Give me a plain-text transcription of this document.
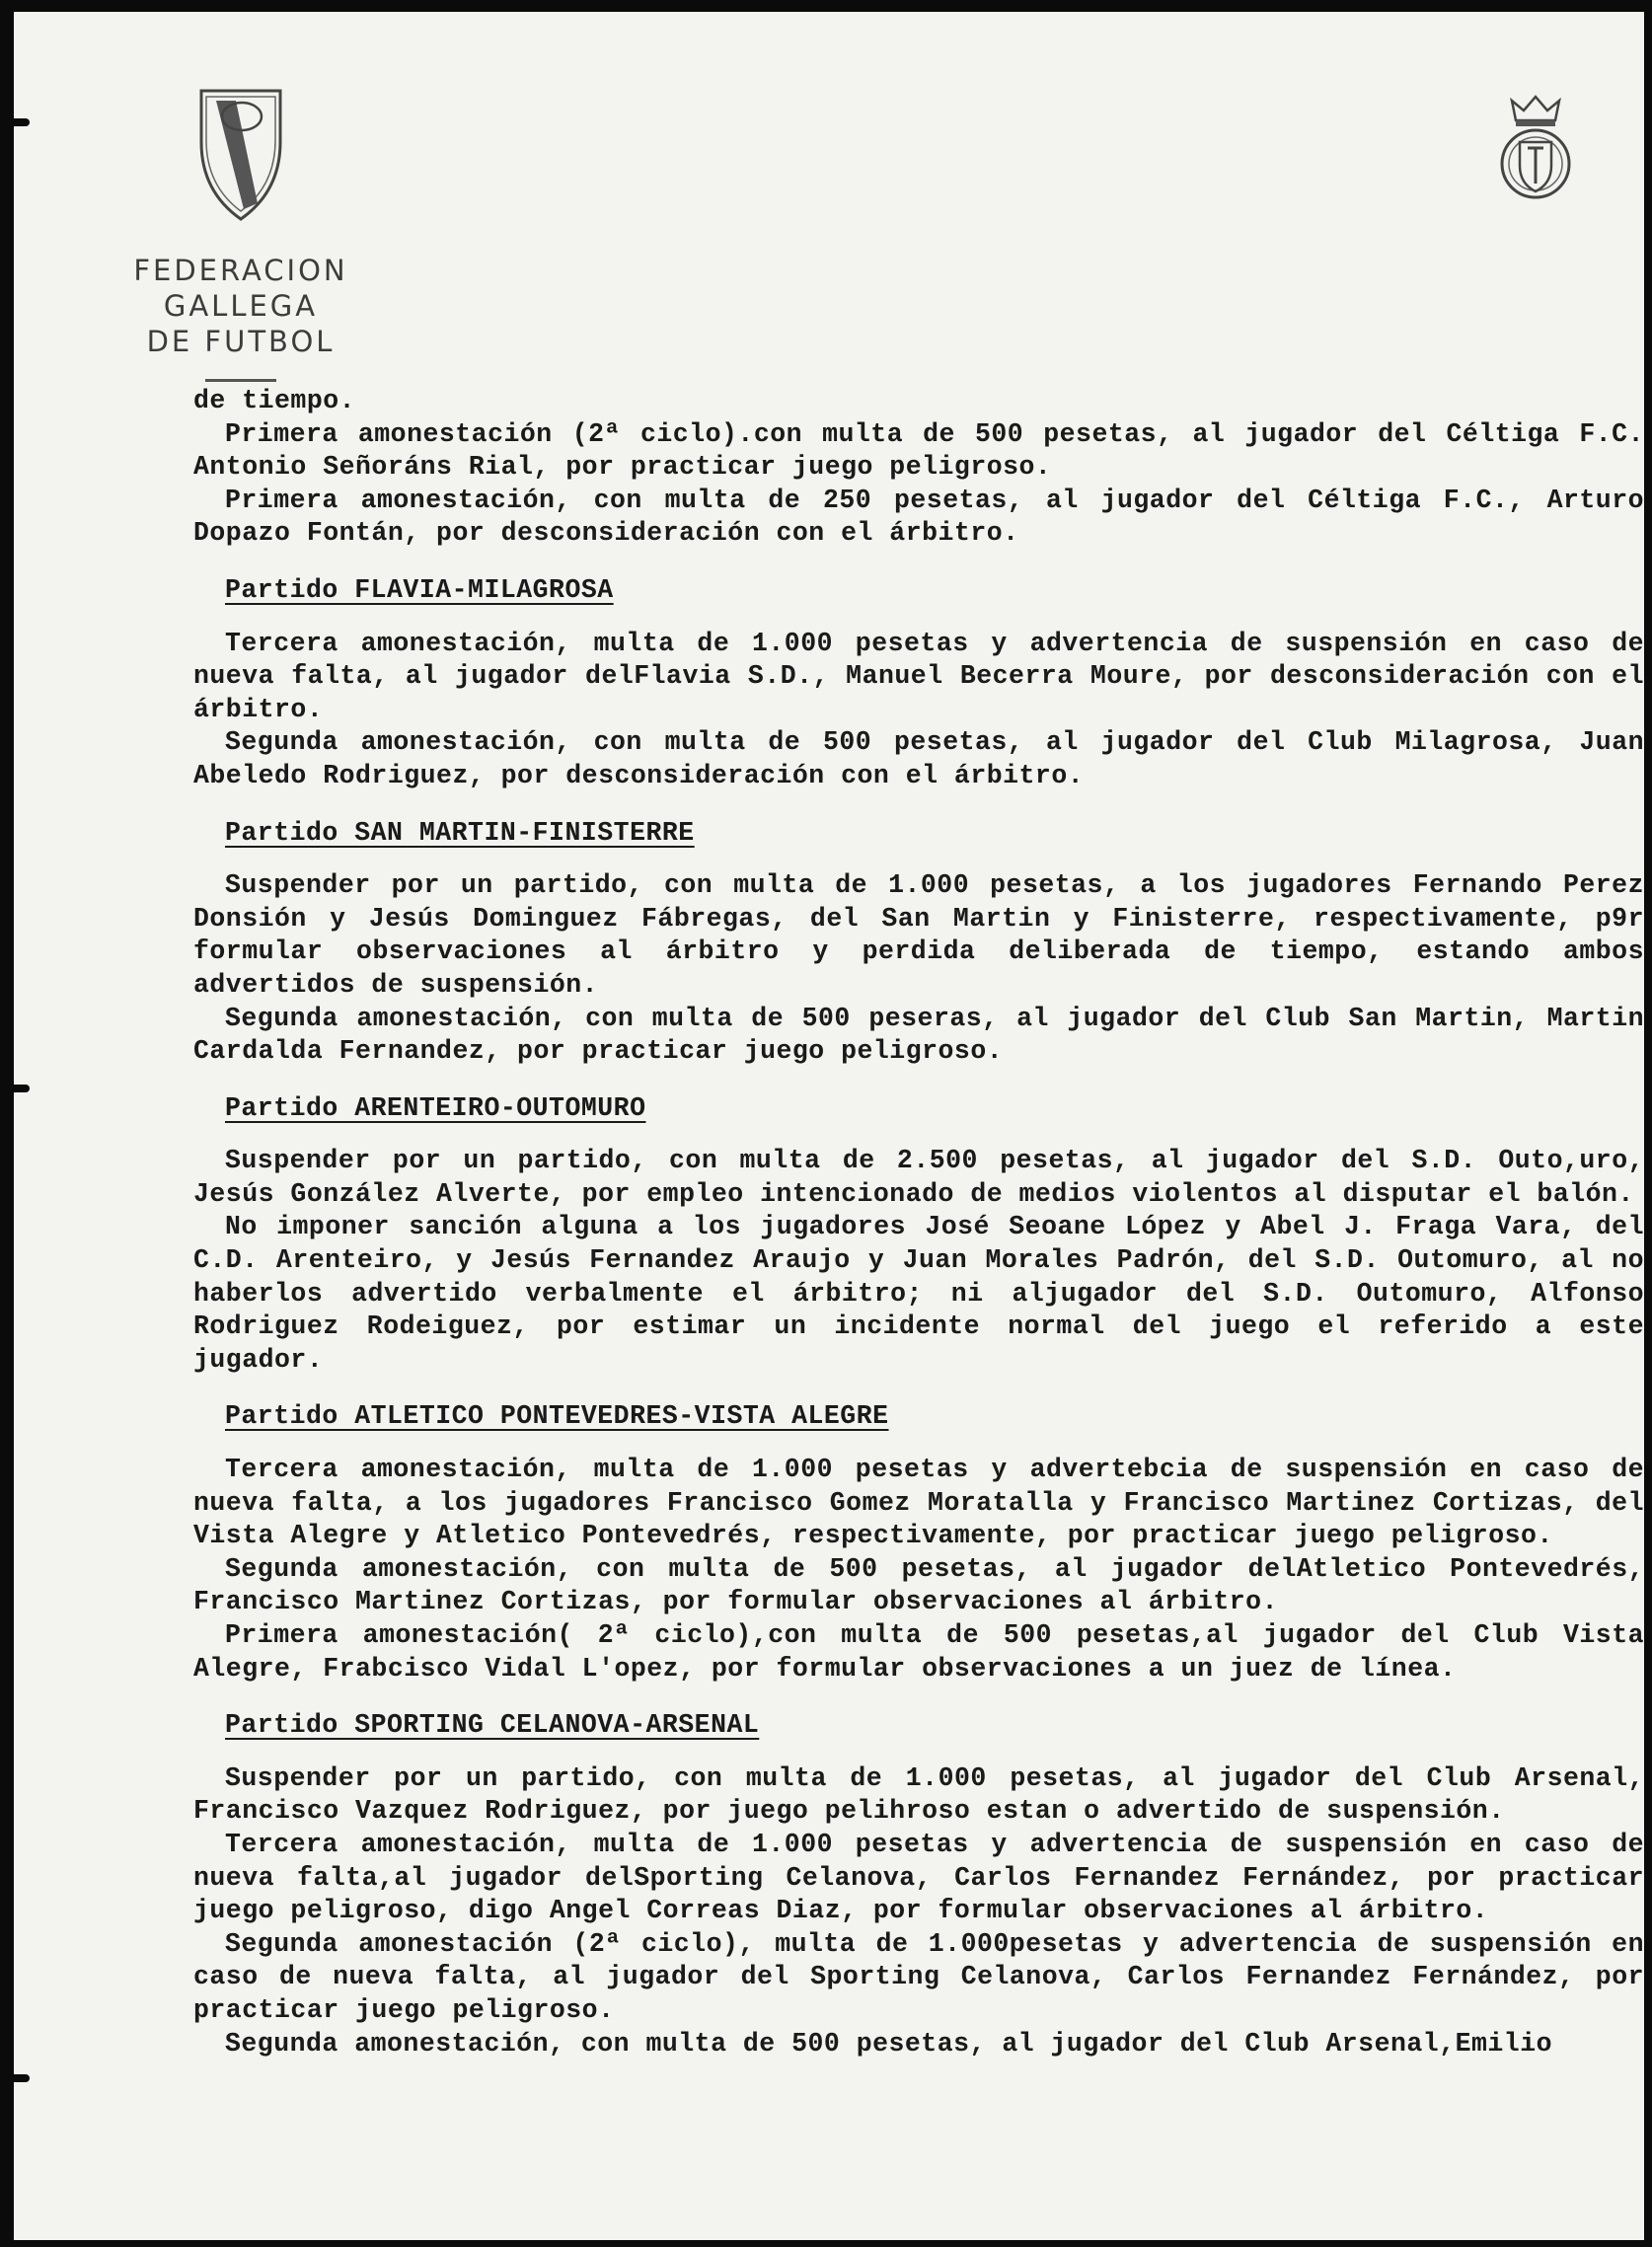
FEDERACION GALLEGA
DE FUTBOL

de tiempo.

Primera amonestación (2ª ciclo).con multa de 500 pesetas, al jugador del Céltiga F.C. Antonio Señoráns Rial, por practicar juego peligroso.

Primera amonestación, con multa de 250 pesetas, al jugador del Céltiga F.C., Arturo Dopazo Fontán, por desconsideración con el árbitro.

Partido FLAVIA-MILAGROSA

Tercera amonestación, multa de 1.000 pesetas y advertencia de suspensión en caso de nueva falta, al jugador delFlavia S.D., Manuel Becerra Moure, por desconsideración con el árbitro.

Segunda amonestación, con multa de 500 pesetas, al jugador del Club Milagrosa, Juan Abeledo Rodriguez, por desconsideración con el árbitro.

Partido SAN MARTIN-FINISTERRE

Suspender por un partido, con multa de 1.000 pesetas, a los jugadores Fernando Perez Donsión y Jesús Dominguez Fábregas, del San Martin y Finisterre, respectivamente, p9r formular observaciones al árbitro y perdida deliberada de tiempo, estando ambos advertidos de suspensión.

Segunda amonestación, con multa de 500 peseras, al jugador del Club San Martin, Martin Cardalda Fernandez, por practicar juego peligroso.

Partido ARENTEIRO-OUTOMURO

Suspender por un partido, con multa de 2.500 pesetas, al jugador del S.D. Outo,uro, Jesús González Alverte, por empleo intencionado de medios violentos al disputar el balón.

No imponer sanción alguna a los jugadores José Seoane López y Abel J. Fraga Vara, del C.D. Arenteiro, y Jesús Fernandez Araujo y Juan Morales Padrón, del S.D. Outomuro, al no haberlos advertido verbalmente el árbitro; ni aljugador del S.D. Outomuro, Alfonso Rodriguez Rodeiguez, por estimar un incidente normal del juego el referido a este jugador.

Partido ATLETICO PONTEVEDRES-VISTA ALEGRE

Tercera amonestación, multa de 1.000 pesetas y advertebcia de suspensión en caso de nueva falta, a los jugadores Francisco Gomez Moratalla y Francisco Martinez Cortizas, del Vista Alegre y Atletico Pontevedrés, respectivamente, por practicar juego peligroso.

Segunda amonestación, con multa de 500 pesetas, al jugador delAtletico Pontevedrés, Francisco Martinez Cortizas, por formular observaciones al árbitro.

Primera amonestación( 2ª ciclo),con multa de 500 pesetas,al jugador del Club Vista Alegre, Frabcisco Vidal L'opez, por formular observaciones a un juez de línea.

Partido SPORTING CELANOVA-ARSENAL

Suspender por un partido, con multa de 1.000 pesetas, al jugador del Club Arsenal, Francisco Vazquez Rodriguez, por juego pelihroso estan o advertido de suspensión.

Tercera amonestación, multa de 1.000 pesetas y advertencia de suspensión en caso de nueva falta,al jugador delSporting Celanova, Carlos Fernandez Fernández, por practicar juego peligroso, digo Angel Correas Diaz, por formular observaciones al árbitro.

Segunda amonestación (2ª ciclo), multa de 1.000pesetas y advertencia de suspensión en caso de nueva falta, al jugador del Sporting Celanova, Carlos Fernandez Fernández, por practicar juego peligroso.

Segunda amonestación, con multa de 500 pesetas, al jugador del Club Arsenal,Emilio
